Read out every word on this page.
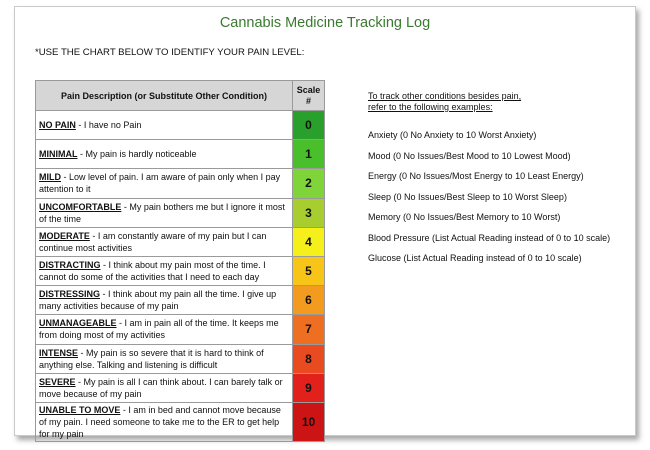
Cannabis Medicine Tracking Log
*USE THE CHART BELOW TO IDENTIFY YOUR PAIN LEVEL:
Pain Description (or Substitute Other Condition)	Scale
#
NO PAIN - I have no Pain	0
MINIMAL - My pain is hardly noticeable	1
MILD - Low level of pain. I am aware of pain only when I pay attention to it	2
UNCOMFORTABLE - My pain bothers me but I ignore it most of the time	3
MODERATE - I am constantly aware of my pain but I can continue most activities	4
DISTRACTING - I think about my pain most of the time. I cannot do some of the activities that I need to each day	5
DISTRESSING - I think about my pain all the time. I give up many activities because of my pain	6
UNMANAGEABLE - I am in pain all of the time. It keeps me from doing most of my activities	7
INTENSE - My pain is so severe that it is hard to think of anything else. Talking and listening is difficult	8
SEVERE - My pain is all I can think about. I can barely talk or move because of my pain	9
UNABLE TO MOVE - I am in bed and cannot move because of my pain. I need someone to take me to the ER to get help for my pain	10
To track other conditions besides pain,
refer to the following examples:
Anxiety (0 No Anxiety to 10 Worst Anxiety)
Mood (0 No Issues/Best Mood to 10 Lowest Mood)
Energy (0 No Issues/Most Energy to 10 Least Energy)
Sleep (0 No Issues/Best Sleep to 10 Worst Sleep)
Memory (0 No Issues/Best Memory to 10 Worst)
Blood Pressure (List Actual Reading instead of 0 to 10 scale)
Glucose (List Actual Reading instead of 0 to 10 scale)
